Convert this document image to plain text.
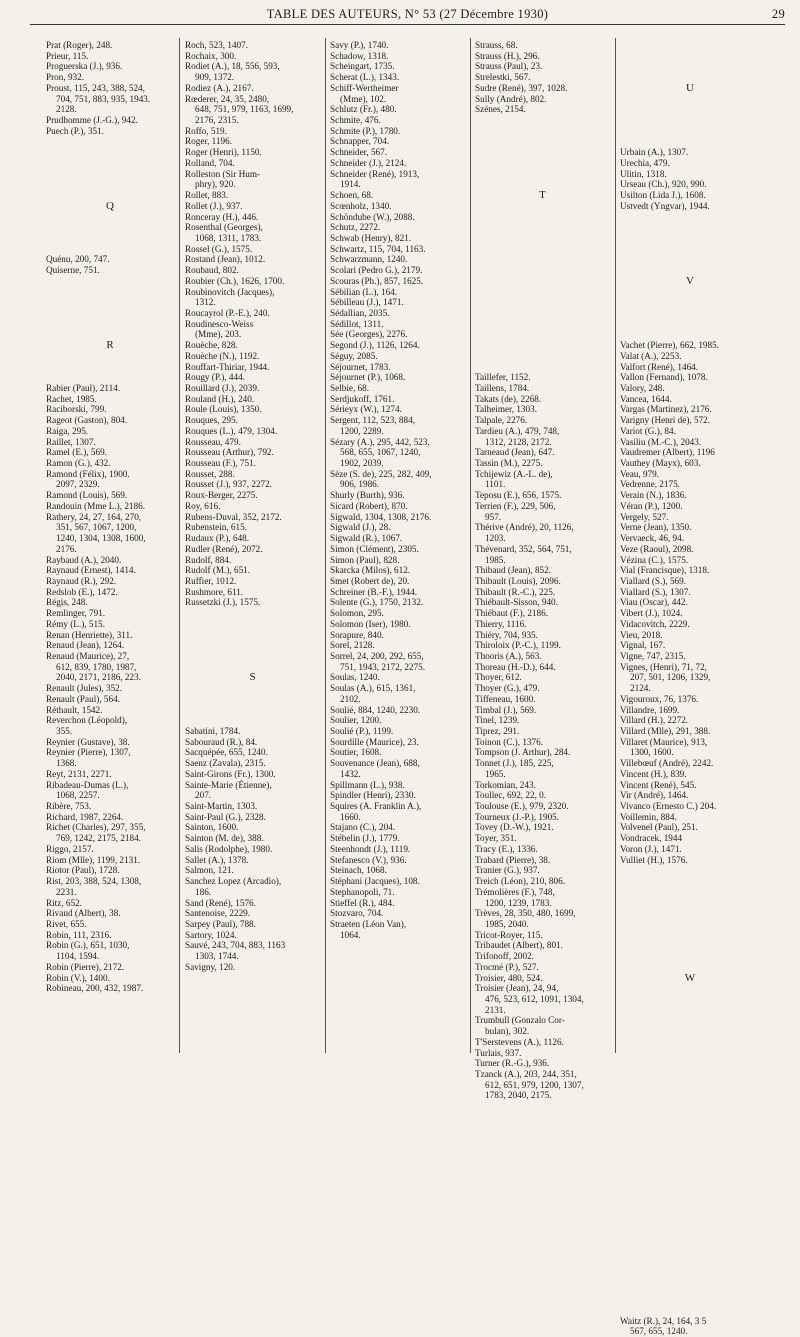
TABLE DES AUTEURS, N° 53 (27 Décembre 1930)	29
Prat (Roger), 248.
Prieur, 115.
Proguerska (J.), 936.
Pron, 932.
Proust, 115, 243, 388, 524,
704, 751, 883, 935, 1943.
2128.
Prudhomme (J.-G.), 942.
Puech (P.), 351.
Q
Quénu, 200, 747.
Quiserne, 751.
R
Rabier (Paul), 2114.
Rachet, 1985.
Raciborski, 799.
Ragеot (Gaston), 804.
Raiga, 295.
Raillet, 1307.
Ramel (E.), 569.
Ramon (G.), 432.
Ramond (Félix), 1900.
2097, 2329.
Ramond (Louis), 569.
Randouin (Mme L.), 2186.
Rathery, 24, 27, 164, 270,
351, 567, 1067, 1200,
1240, 1304, 1308, 1600,
2176.
Raybaud (A.), 2040.
Raynaud (Ernest), 1414.
Raynaud (R.), 292.
Redslob (E.), 1472.
Régis, 248.
Remlinger, 791.
Rémy (L.), 515.
Renan (Henriette), 311.
Renaud (Jean), 1264.
Renaud (Maurice), 27,
612, 839, 1780, 1987,
2040, 2171, 2186, 223.
Renault (Jules), 352.
Renault (Paul), 564.
Réthault, 1542.
Reverchon (Léopold),
355.
Reynier (Gustave), 38.
Reynier (Pierre), 1307,
1368.
Reyt, 2131, 2271.
Ribadeau-Dumas (L.),
1068, 2257.
Ribère, 753.
Richard, 1987, 2264.
Richet (Charles), 297, 355,
769, 1242, 2175, 2184.
Riggo, 2157.
Riom (Mlle), 1199, 2131.
Riotor (Paul), 1728.
Rist, 203, 388, 524, 1308,
2231.
Ritz, 652.
Rivaud (Albert), 38.
Rivet, 655.
Robin, 111, 2316.
Robin (G.), 651, 1030,
1104, 1594.
Robin (Pierre), 2172.
Robin (V.), 1400.
Robineau, 200, 432, 1987.
Roch, 523, 1407.
Rochaix, 300.
Rodiet (A.), 18, 556, 593,
909, 1372.
Rodiez (A.), 2167.
Rœderer, 24, 35, 2480,
648, 751, 979, 1163, 1699,
2176, 2315.
Roffo, 519.
Roger, 1196.
Roger (Henri), 1150.
Rolland, 704.
Rolleston (Sir Hum-
phry), 920.
Rollet, 883.
Rollet (J.), 937.
Ronceray (H.), 446.
Rosenthal (Georges),
1068, 1311, 1783.
Rossel (G.), 1575.
Rostand (Jean), 1012.
Roubaud, 802.
Roubier (Ch.), 1626, 1700.
Roubinovitch (Jacques),
1312.
Roucayrol (P.-E.), 240.
Roudinesco-Weiss
(Mme), 203.
Rouèche, 828.
Rouèche (N.), 1192.
Rouffart-Thiriar, 1944.
Rougy (P.), 444.
Rouillard (J.), 2039.
Rouland (H.), 240.
Roule (Louis), 1350.
Rouques, 295.
Rouques (L.), 479, 1304.
Rousseau, 479.
Rousseau (Arthur), 792.
Rousseau (F.), 751.
Rousset, 288.
Rousset (J.), 937, 2272.
Roux-Berger, 2275.
Roy, 616.
Rubens-Duval, 352, 2172.
Rubenstein, 615.
Rudaux (P.), 648.
Rudler (René), 2072.
Rudolf, 884.
Rudolf (M.), 651.
Ruffier, 1012.
Rushmore, 611.
Russetzki (J.), 1575.
S
Sabatini, 1784.
Sabouraud (R.), 84.
Sacquépée, 655, 1240.
Saenz (Zavala), 2315.
Saint-Girons (Fr.), 1300.
Sainte-Marie (Étienne),
207.
Saint-Martin, 1303.
Saint-Paul (G.), 2328.
Sainton, 1600.
Sainton (M. de), 388.
Salis (Rodolphe), 1980.
Sallet (A.), 1378.
Salmon, 121.
Sanchez Lopez (Arcadio),
186.
Sand (René), 1576.
Santenoise, 2229.
Sarpey (Paul), 788.
Sartory, 1024.
Sauvé, 243, 704, 883, 1163
1303, 1744.
Savigny, 120.
Savy (P.), 1740.
Schadow, 1318.
Scheingart, 1735.
Scherat (L.), 1343.
Schiff-Wertheimer
(Mme), 102.
Schlutz (Fr.), 480.
Schmite, 476.
Schmite (P.), 1780.
Schnapper, 704.
Schneider, 567.
Schneider (J.), 2124.
Schneider (René), 1913,
1914.
Schoen, 68.
Scœnholz, 1340.
Schöndube (W.), 2088.
Schutz, 2272.
Schwab (Henry), 821.
Schwartz, 115, 704, 1163.
Schwarzmann, 1240.
Scolari (Pedro G.), 2179.
Scouras (Ph.), 857, 1625.
Sébilian (L.), 164.
Sébilleau (J.), 1471.
Sédallian, 2035.
Sédillot, 1311.
Sée (Georges), 2276.
Segond (J.), 1126, 1264.
Séguy, 2085.
Séjournet, 1783.
Séjournet (P.), 1068.
Selbie, 68.
Serdjukoff, 1761.
Sérieyx (W.), 1274.
Sergent, 112, 523, 884,
1200, 2289.
Sézary (A.), 295, 442, 523,
568, 655, 1067, 1240,
1902, 2039.
Sèze (S. de), 225, 282, 409,
906, 1986.
Shurly (Burth), 936.
Sicard (Robert), 870.
Sigwald, 1304, 1308, 2176.
Sigwald (J.), 28.
Sigwald (R.), 1067.
Simon (Clément), 2305.
Simon (Paul), 828.
Skarcka (Milos), 612.
Smet (Robert de), 20.
Schreiner (B.-F.), 1944.
Solente (G.), 1750, 2132.
Solomon, 295.
Solomon (Iser), 1980.
Sorapure, 840.
Sorel, 2128.
Sorrel, 24, 200, 292, 655,
751, 1943, 2172, 2275.
Soulas, 1240.
Soulas (A.), 615, 1361,
2102.
Soulié, 884, 1240, 2230.
Soulier, 1200.
Soulié (P.), 1199.
Sourdille (Maurice), 23.
Soutier, 1608.
Souvenance (Jean), 688,
1432.
Spillmann (L.), 938.
Spindler (Henri), 2330.
Squires (A. Franklin A.),
1660.
Stajano (C.), 204.
Stébelin (J.), 1779.
Steenhondt (J.), 1119.
Stefanesco (V.), 936.
Steinach, 1068.
Stéphani (Jacques), 108.
Stephanopoli, 71.
Stieffel (R.), 484.
Stozvaro, 704.
Straeten (Léon Van),
1064.
Strauss, 68.
Strauss (H.), 296.
Strauss (Paul), 23.
Strelestki, 567.
Sudre (René), 397, 1028.
Sully (André), 802.
Szénes, 2154.
T
Taillefer, 1152.
Taillens, 1784.
Takats (de), 2268.
Talheimer, 1303.
Talpale, 2276.
Tardieu (A.), 479, 748,
1312, 2128, 2172.
Tarneaud (Jean), 647.
Tassin (M.), 2275.
Tchijewiz (A.-L. de),
1101.
Teposu (E.), 656, 1575.
Terrien (F.), 229, 506,
957.
Thérive (André), 20, 1126,
1203.
Thévenard, 352, 564, 751,
1985.
Thibaud (Jean), 852.
Thibault (Louis), 2096.
Thibault (R.-C.), 225.
Thiébault-Sisson, 940.
Thiébaut (F.), 2186.
Thierry, 1116.
Thiéry, 704, 935.
Thiroloix (P.-C.), 1199.
Thooris (A.), 563.
Thoreau (H.-D.), 644.
Thoyer, 612.
Thoyer (G.), 479.
Tiffeneau, 1600.
Timbal (J.), 569.
Tinel, 1239.
Tiprez, 291.
Toinon (C.), 1376.
Tompson (J. Arthur), 284.
Tonnet (J.), 185, 225,
1965.
Torkomian, 243.
Toullec, 692, 22, 0.
Toulouse (E.), 979, 2320.
Tourneux (J.-P.), 1905.
Tovey (D.-W.), 1921.
Toyer, 351.
Tracy (E.), 1336.
Trabard (Pierre), 38.
Tranier (G.), 937.
Treich (Léon), 210, 806.
Trémolières (F.), 748,
1200, 1239, 1783.
Trèves, 28, 350, 480, 1699,
1985, 2040.
Tricot-Royer, 115.
Tribaudet (Albert), 801.
Trifonoff, 2002.
Trocmé (P.), 527.
Troisier, 480, 524.
Troisier (Jean), 24, 94,
476, 523, 612, 1091, 1304,
2131.
Trumbull (Gonzalo Cor-
bulan), 302.
T'Serstevens (A.), 1126.
Turlais, 937.
Turner (R.-G.), 936.
Tzanck (A.), 203, 244, 351,
612, 651, 979, 1200, 1307,
1783, 2040, 2175.
U
Urbain (A.), 1307.
Urechia, 479.
Ulitin, 1318.
Urseau (Ch.), 920, 990.
Usilton (Lida J.), 1608.
Ustvedt (Yngvar), 1944.
V
Vachet (Pierre), 662, 1985.
Valat (A.), 2253.
Valfort (René), 1464.
Vallon (Fernand), 1078.
Valory, 248.
Vancea, 1644.
Vargas (Martinez), 2176.
Varigny (Henri de), 572.
Variot (G.), 84.
Vasiliu (M.-C.), 2043.
Vaudremer (Albert), 1196
Vauthey (Mayx), 603.
Veau, 979.
Vedrenne, 2175.
Verain (N.), 1836.
Véran (P.), 1200.
Vergely, 527.
Verne (Jean), 1350.
Vervaeck, 46, 94.
Veze (Raoul), 2098.
Vézina (C.), 1575.
Vial (Francisque), 1318.
Viallard (S.), 569.
Viallard (S.), 1307.
Viau (Oscar), 442.
Vibert (J.), 1024.
Vidacovitch, 2229.
Vieu, 2018.
Vignal, 167.
Vigne, 747, 2315.
Vignes, (Henri), 71, 72,
207, 501, 1206, 1329,
2124.
Vigouroux, 76, 1376.
Villandre, 1699.
Villard (H.), 2272.
Villard (Mlle), 291, 388.
Villaret (Maurice), 913,
1300, 1600.
Villebœuf (André), 2242.
Vincent (H.), 839.
Vincent (René), 545.
Vir (André), 1464.
Vivanco (Ernesto C.) 204.
Voillemin, 884.
Volvenel (Paul), 251.
Vondracek, 1944
Voron (J.), 1471.
Vulliet (H.), 1576.
W
Waitz (R.), 24, 164, 3 5
567, 655, 1240.
